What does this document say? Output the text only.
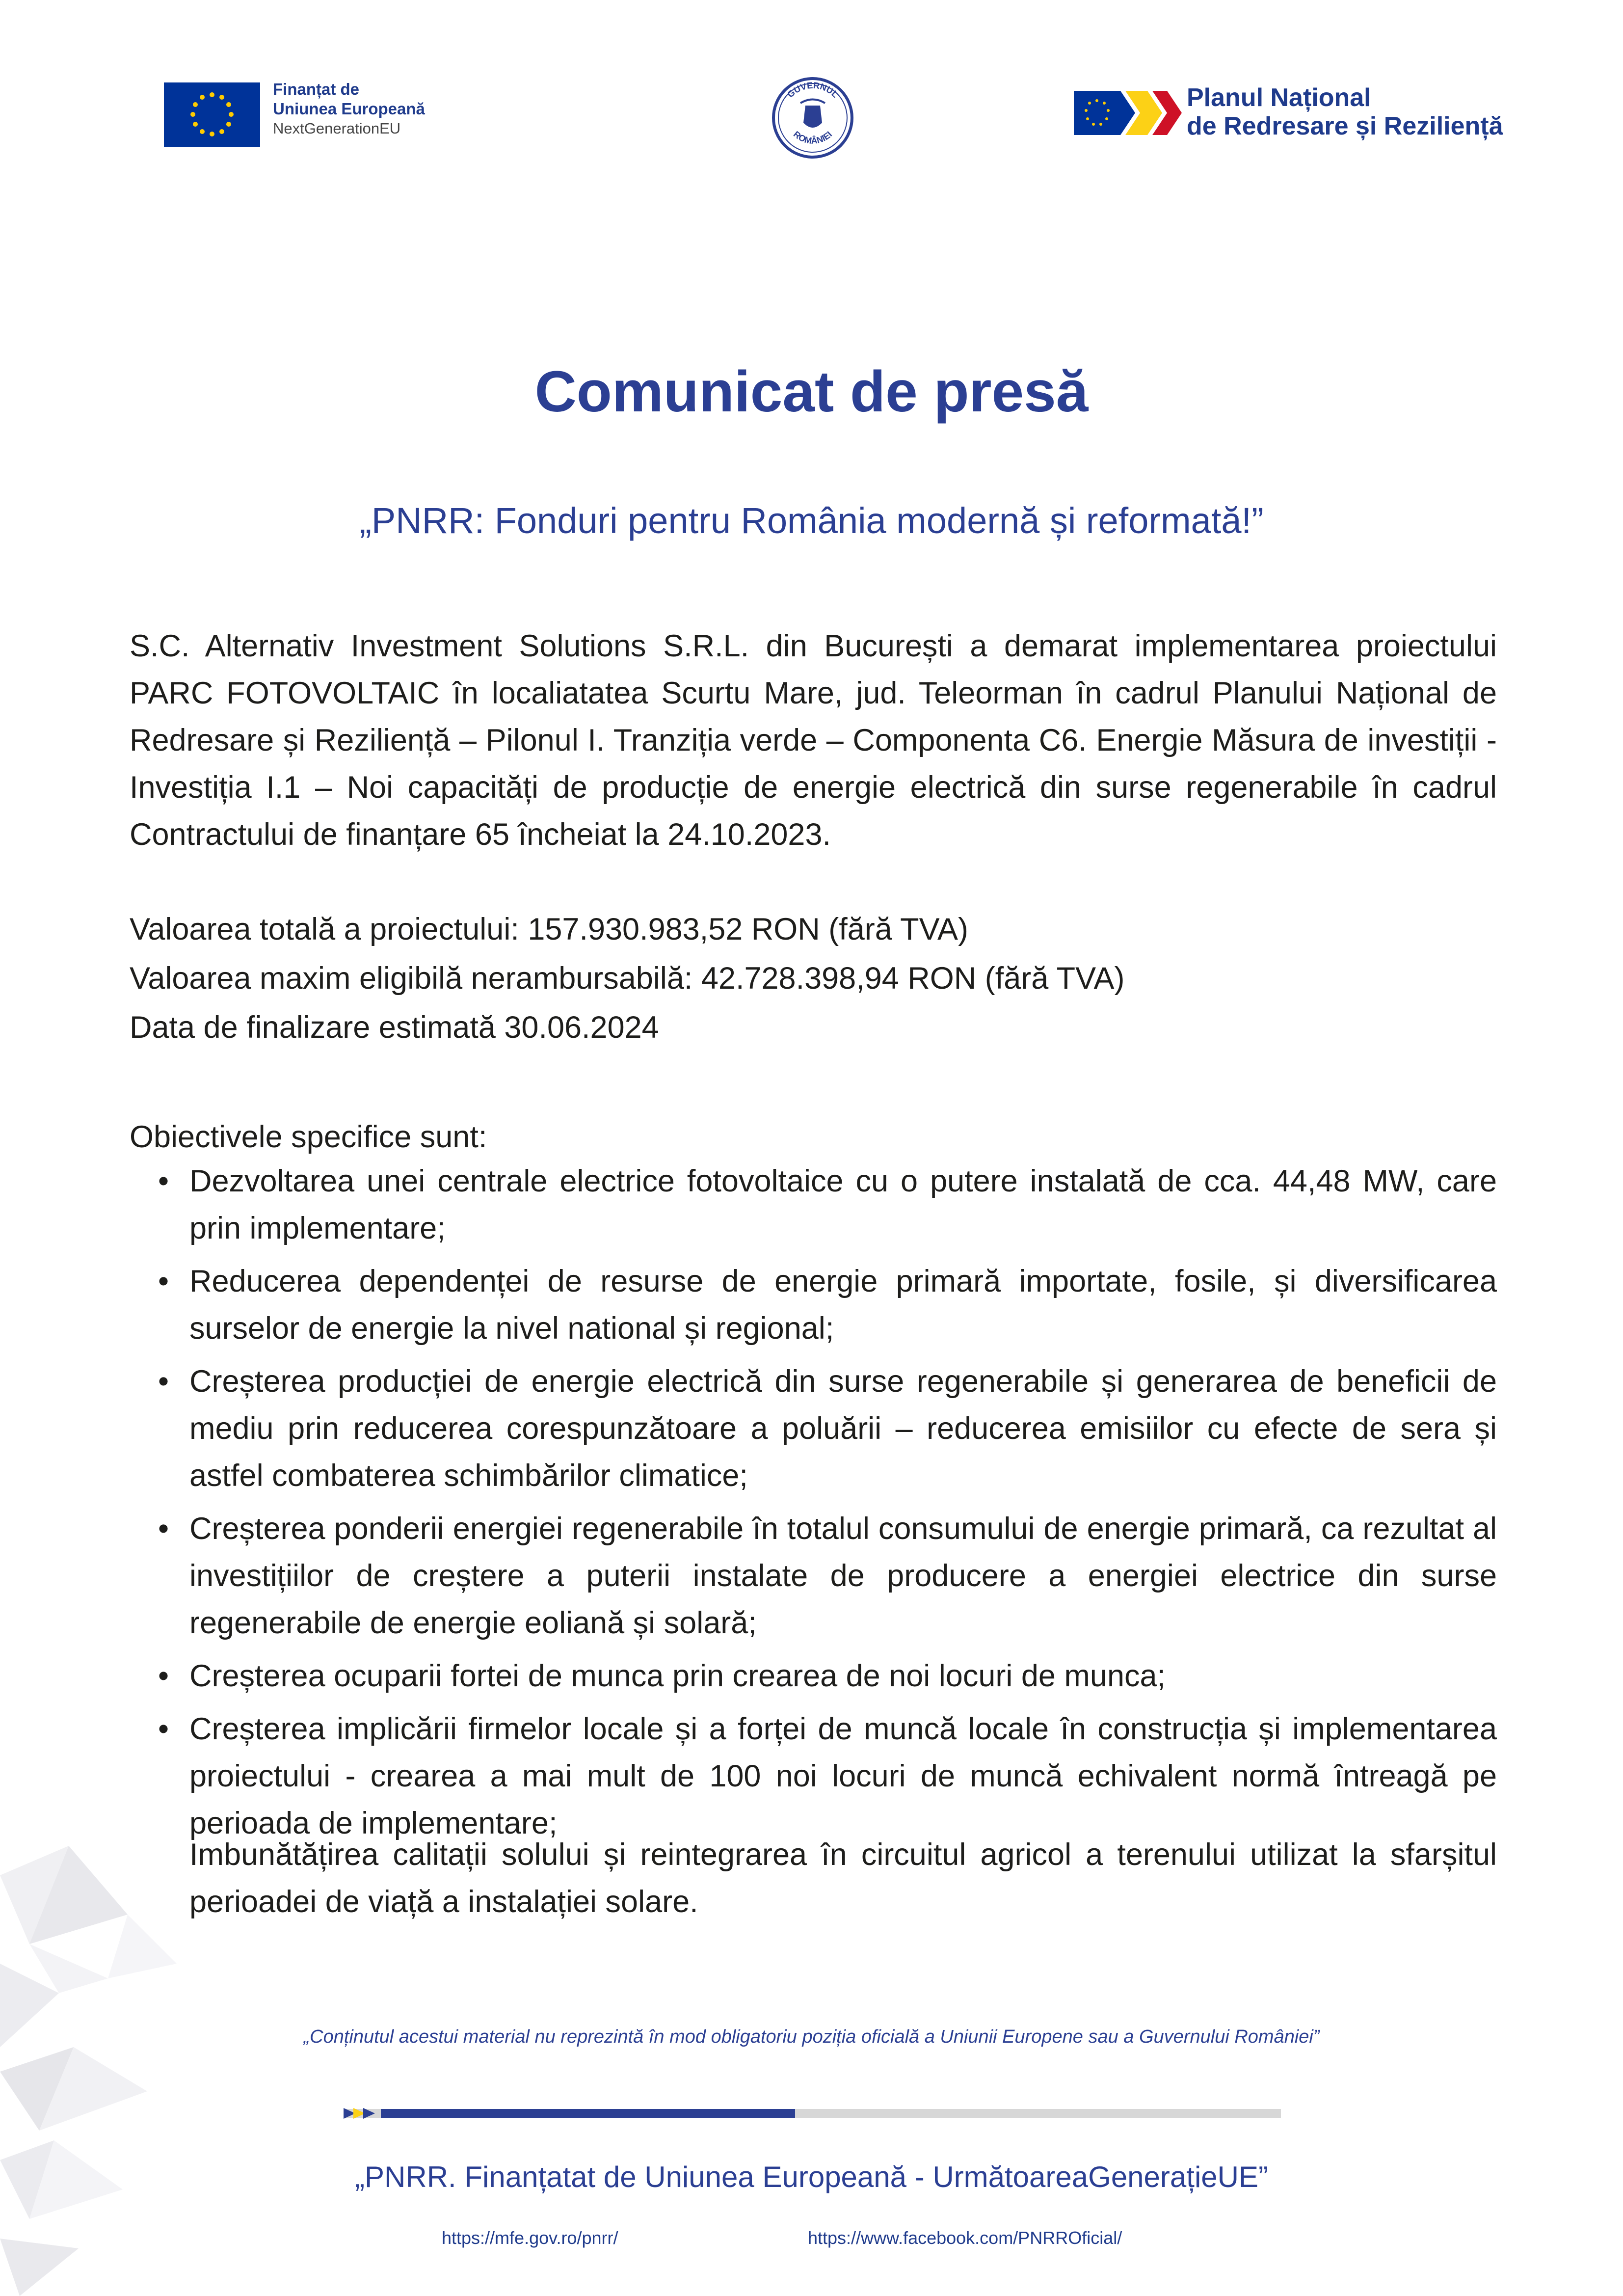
Finanțat de
Uniunea Europeană
NextGenerationEU
GUVERNUL
ROMÂNIEI
Planul Național
de Redresare și Reziliență
Comunicat de presă
„PNRR: Fonduri pentru România modernă și reformată!”
S.C. Alternativ Investment Solutions S.R.L. din București a demarat implementarea proiectului PARC FOTOVOLTAIC în localiatatea Scurtu Mare, jud. Teleorman în cadrul Planului Național de Redresare și Reziliență – Pilonul I. Tranziția verde – Componenta C6. Energie Măsura de investiții - Investiția I.1 – Noi capacități de producție de energie electrică din surse regenerabile în cadrul Contractului de finanțare 65 încheiat la 24.10.2023.
Valoarea totală a proiectului: 157.930.983,52 RON (fără TVA)
Valoarea maxim eligibilă nerambursabilă: 42.728.398,94 RON (fără TVA)
Data de finalizare estimată 30.06.2024
Obiectivele specifice sunt:
• Dezvoltarea unei centrale electrice fotovoltaice cu o putere instalată de cca. 44,48 MW, care prin implementare;
• Reducerea dependenței de resurse de energie primară importate, fosile, și diversificarea surselor de energie la nivel national și regional;
• Creșterea producției de energie electrică din surse regenerabile și generarea de beneficii de mediu prin reducerea corespunzătoare a poluării – reducerea emisiilor cu efecte de sera și astfel combaterea schimbărilor climatice;
• Creșterea ponderii energiei regenerabile în totalul consumului de energie primară, ca rezultat al investițiilor de creștere a puterii instalate de producere a energiei electrice din surse regenerabile de energie eoliană și solară;
• Creșterea ocuparii fortei de munca prin crearea de noi locuri de munca;
• Creșterea implicării firmelor locale și a forței de muncă locale în construcția și implementarea proiectului - crearea a mai mult de 100 noi locuri de muncă echivalent normă întreagă pe perioada de implementare;
Imbunătățirea calitații solului și reintegrarea în circuitul agricol a terenului utilizat la sfarșitul perioadei de viață a instalației solare.
„Conținutul acestui material nu reprezintă în mod obligatoriu poziția oficială a Uniunii Europene sau a Guvernului României”
„PNRR. Finanțatat de Uniunea Europeană - UrmătoareaGenerațieUE”
https://mfe.gov.ro/pnrr/	https://www.facebook.com/PNRROficial/
